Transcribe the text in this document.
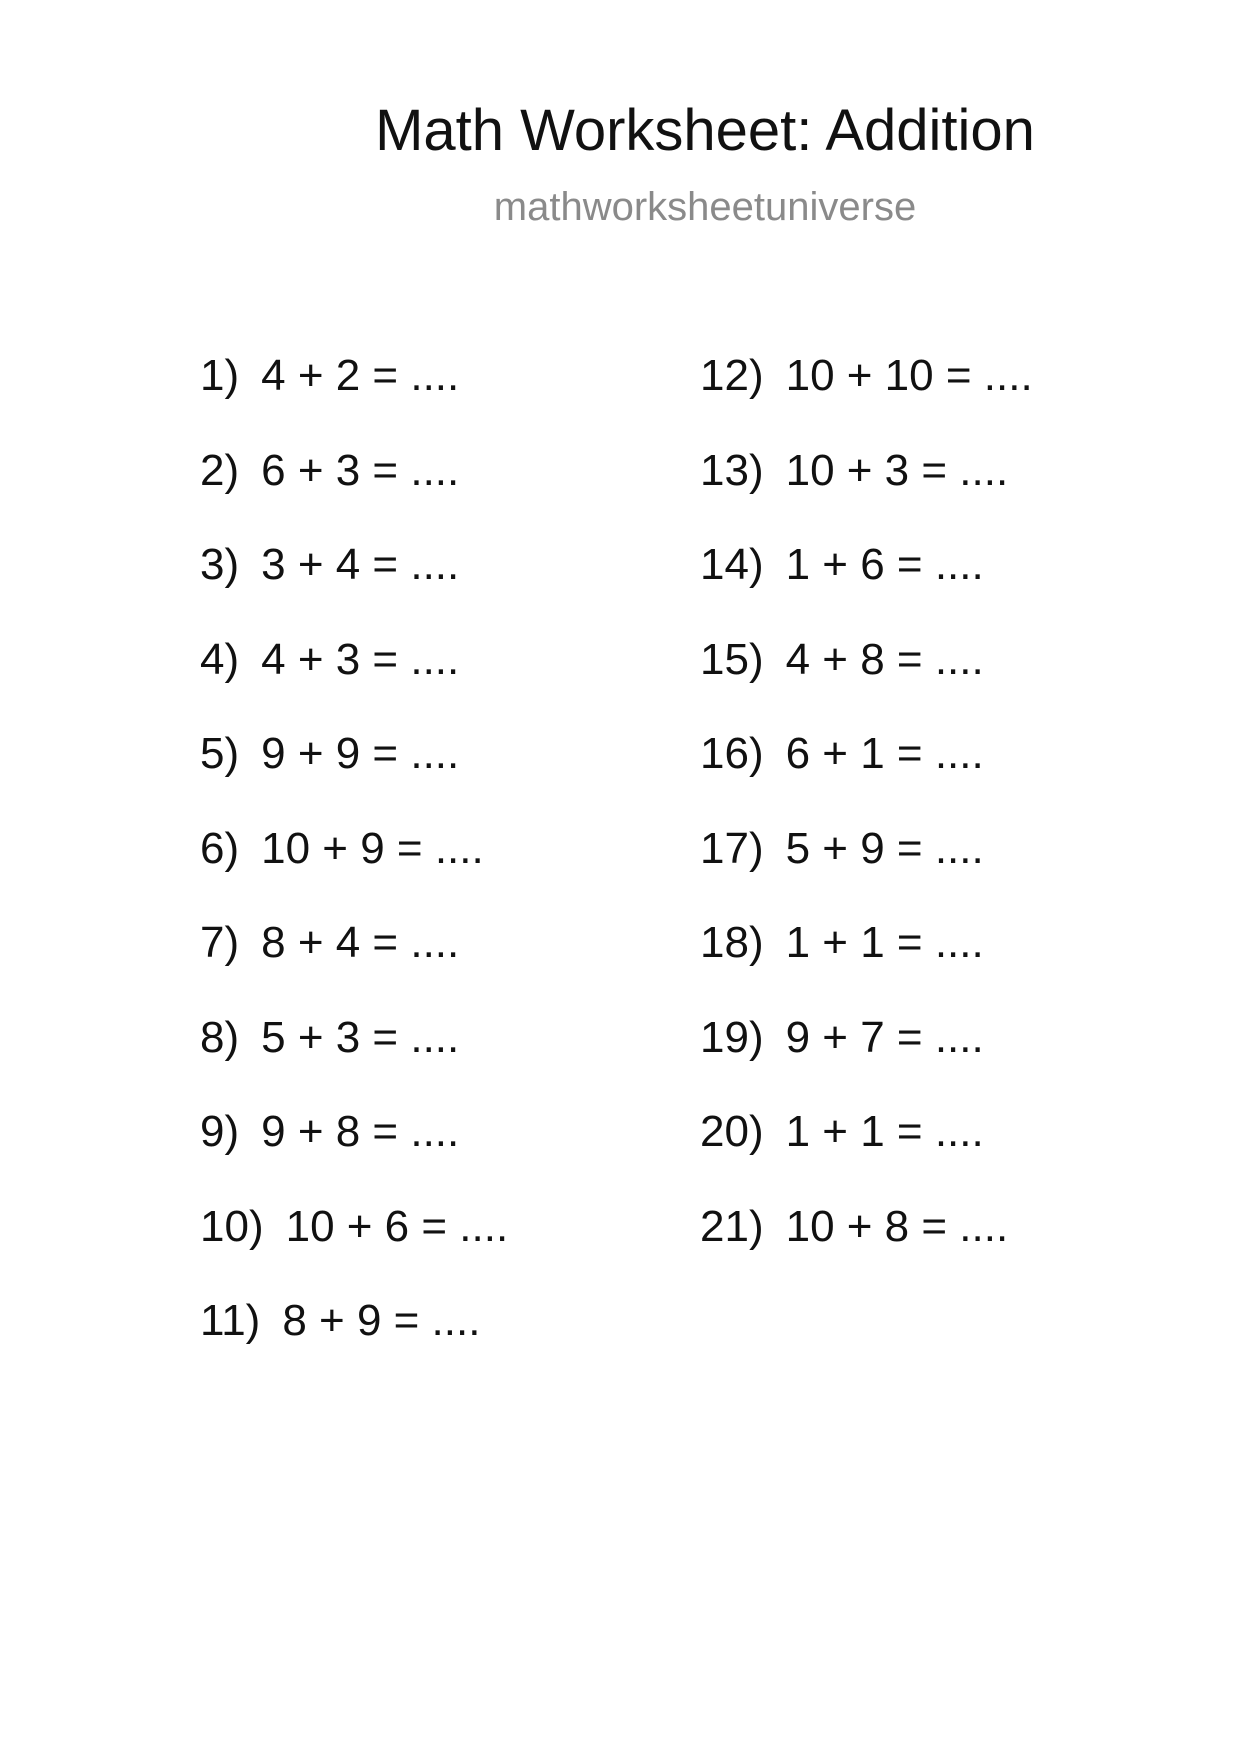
Math Worksheet: Addition
mathworksheetuniverse
1) 4 + 2 = ....
2) 6 + 3 = ....
3) 3 + 4 = ....
4) 4 + 3 = ....
5) 9 + 9 = ....
6) 10 + 9 = ....
7) 8 + 4 = ....
8) 5 + 3 = ....
9) 9 + 8 = ....
10) 10 + 6 = ....
11) 8 + 9 = ....
12) 10 + 10 = ....
13) 10 + 3 = ....
14) 1 + 6 = ....
15) 4 + 8 = ....
16) 6 + 1 = ....
17) 5 + 9 = ....
18) 1 + 1 = ....
19) 9 + 7 = ....
20) 1 + 1 = ....
21) 10 + 8 = ....
